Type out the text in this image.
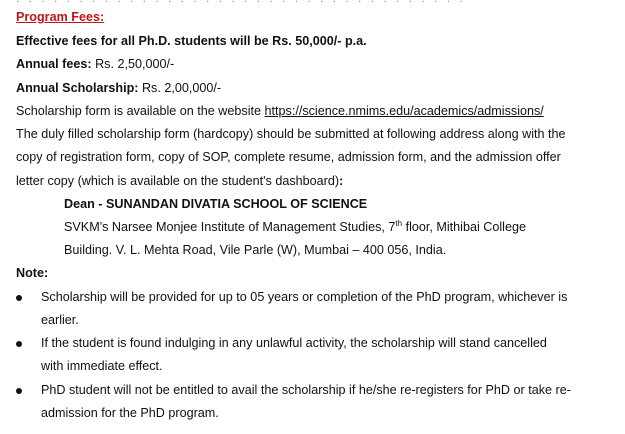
Program Fees:
Effective fees for all Ph.D. students will be Rs. 50,000/- p.a.
Annual fees: Rs. 2,50,000/-
Annual Scholarship: Rs. 2,00,000/-
Scholarship form is available on the website https://science.nmims.edu/academics/admissions/
The duly filled scholarship form (hardcopy) should be submitted at following address along with the
copy of registration form, copy of SOP, complete resume, admission form, and the admission offer
letter copy (which is available on the student's dashboard):
Dean - SUNANDAN DIVATIA SCHOOL OF SCIENCE
SVKM's Narsee Monjee Institute of Management Studies, 7th floor, Mithibai College
Building. V. L. Mehta Road, Vile Parle (W), Mumbai – 400 056, India.
Note:
Scholarship will be provided for up to 05 years or completion of the PhD program, whichever is
earlier.
If the student is found indulging in any unlawful activity, the scholarship will stand cancelled
with immediate effect.
PhD student will not be entitled to avail the scholarship if he/she re-registers for PhD or take re-
admission for the PhD program.
